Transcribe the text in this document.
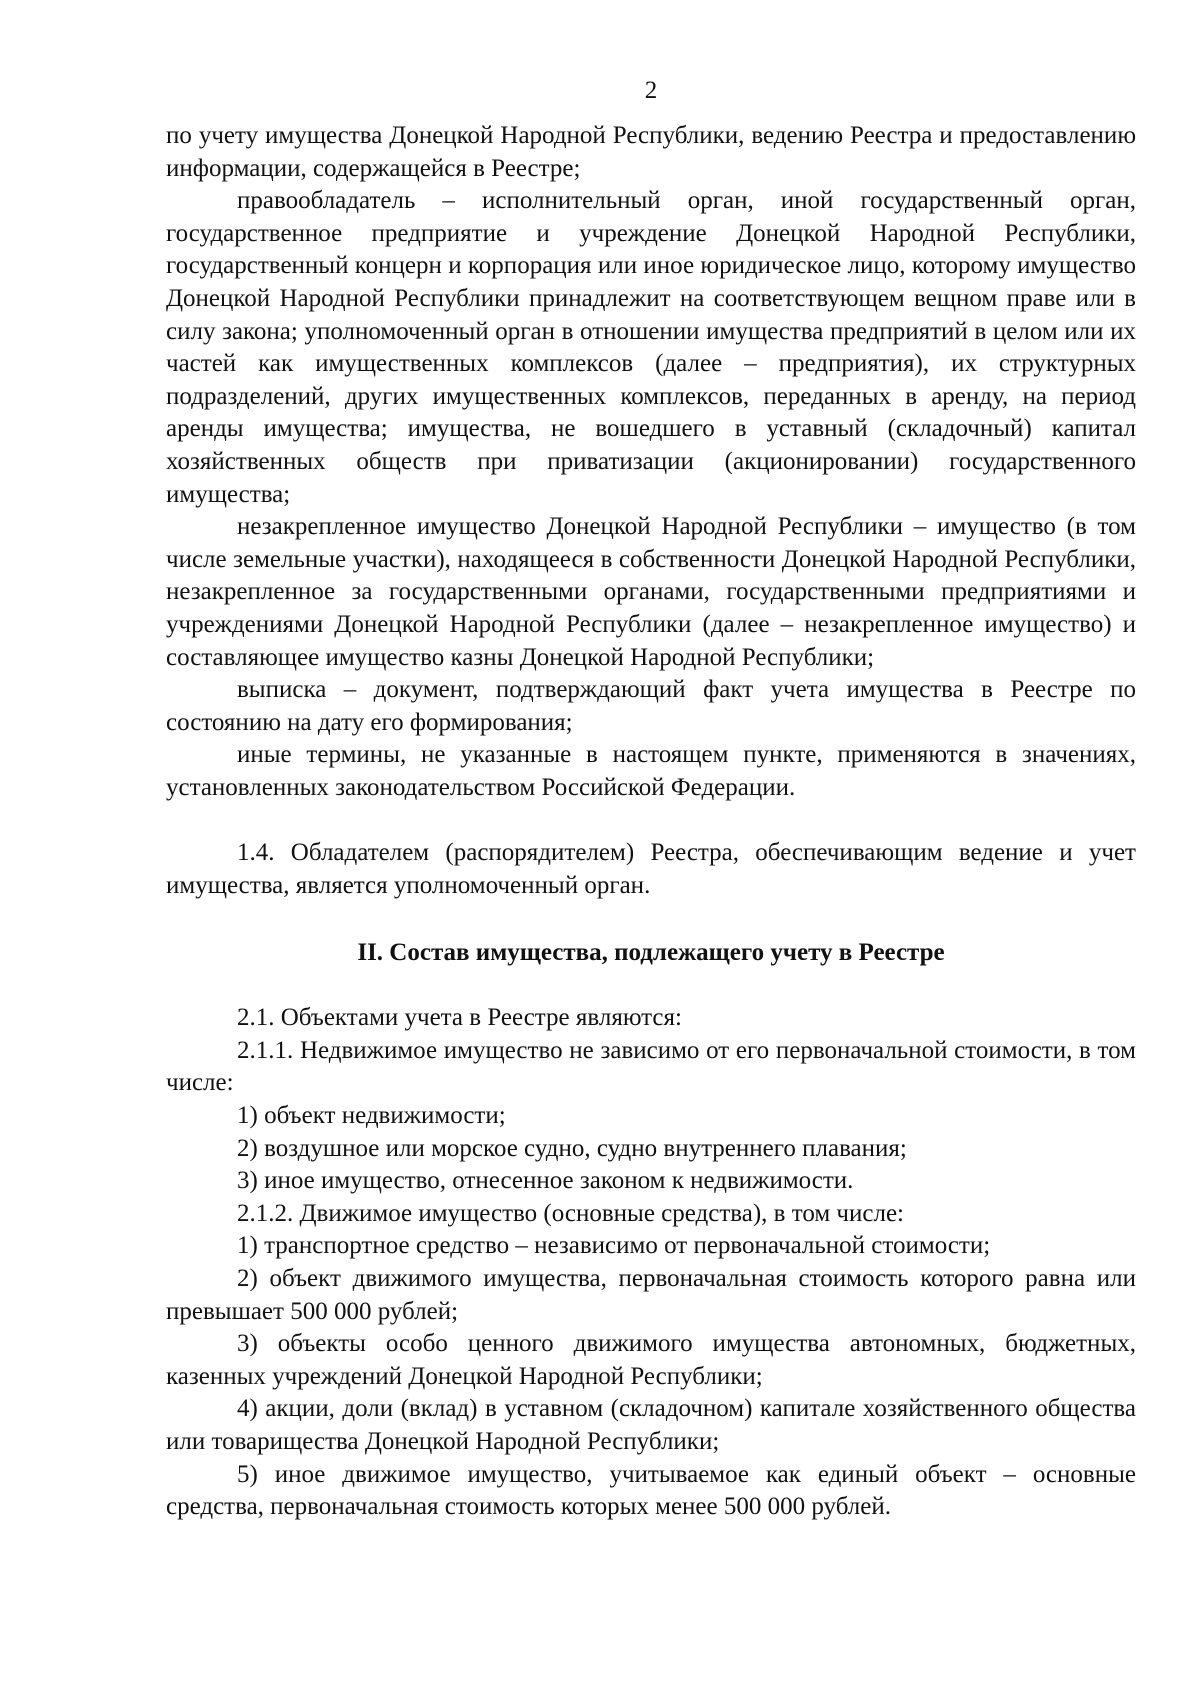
2

по учету имущества Донецкой Народной Республики, ведению Реестра и предоставлению информации, содержащейся в Реестре;

правообладатель – исполнительный орган, иной государственный орган, государственное предприятие и учреждение Донецкой Народной Республики, государственный концерн и корпорация или иное юридическое лицо, которому имущество Донецкой Народной Республики принадлежит на соответствующем вещном праве или в силу закона; уполномоченный орган в отношении имущества предприятий в целом или их частей как имущественных комплексов (далее – предприятия), их структурных подразделений, других имущественных комплексов, переданных в аренду, на период аренды имущества; имущества, не вошедшего в уставный (складочный) капитал хозяйственных обществ при приватизации (акционировании) государственного имущества;

незакрепленное имущество Донецкой Народной Республики – имущество (в том числе земельные участки), находящееся в собственности Донецкой Народной Республики, незакрепленное за государственными органами, государственными предприятиями и учреждениями Донецкой Народной Республики (далее – незакрепленное имущество) и составляющее имущество казны Донецкой Народной Республики;

выписка – документ, подтверждающий факт учета имущества в Реестре по состоянию на дату его формирования;

иные термины, не указанные в настоящем пункте, применяются в значениях, установленных законодательством Российской Федерации.

1.4. Обладателем (распорядителем) Реестра, обеспечивающим ведение и учет имущества, является уполномоченный орган.

II. Состав имущества, подлежащего учету в Реестре

2.1. Объектами учета в Реестре являются:

2.1.1. Недвижимое имущество не зависимо от его первоначальной стоимости, в том числе:

1) объект недвижимости;

2) воздушное или морское судно, судно внутреннего плавания;

3) иное имущество, отнесенное законом к недвижимости.

2.1.2. Движимое имущество (основные средства), в том числе:

1) транспортное средство – независимо от первоначальной стоимости;

2) объект движимого имущества, первоначальная стоимость которого равна или превышает 500 000 рублей;

3) объекты особо ценного движимого имущества автономных, бюджетных, казенных учреждений Донецкой Народной Республики;

4) акции, доли (вклад) в уставном (складочном) капитале хозяйственного общества или товарищества Донецкой Народной Республики;

5) иное движимое имущество, учитываемое как единый объект – основные средства, первоначальная стоимость которых менее 500 000 рублей.
